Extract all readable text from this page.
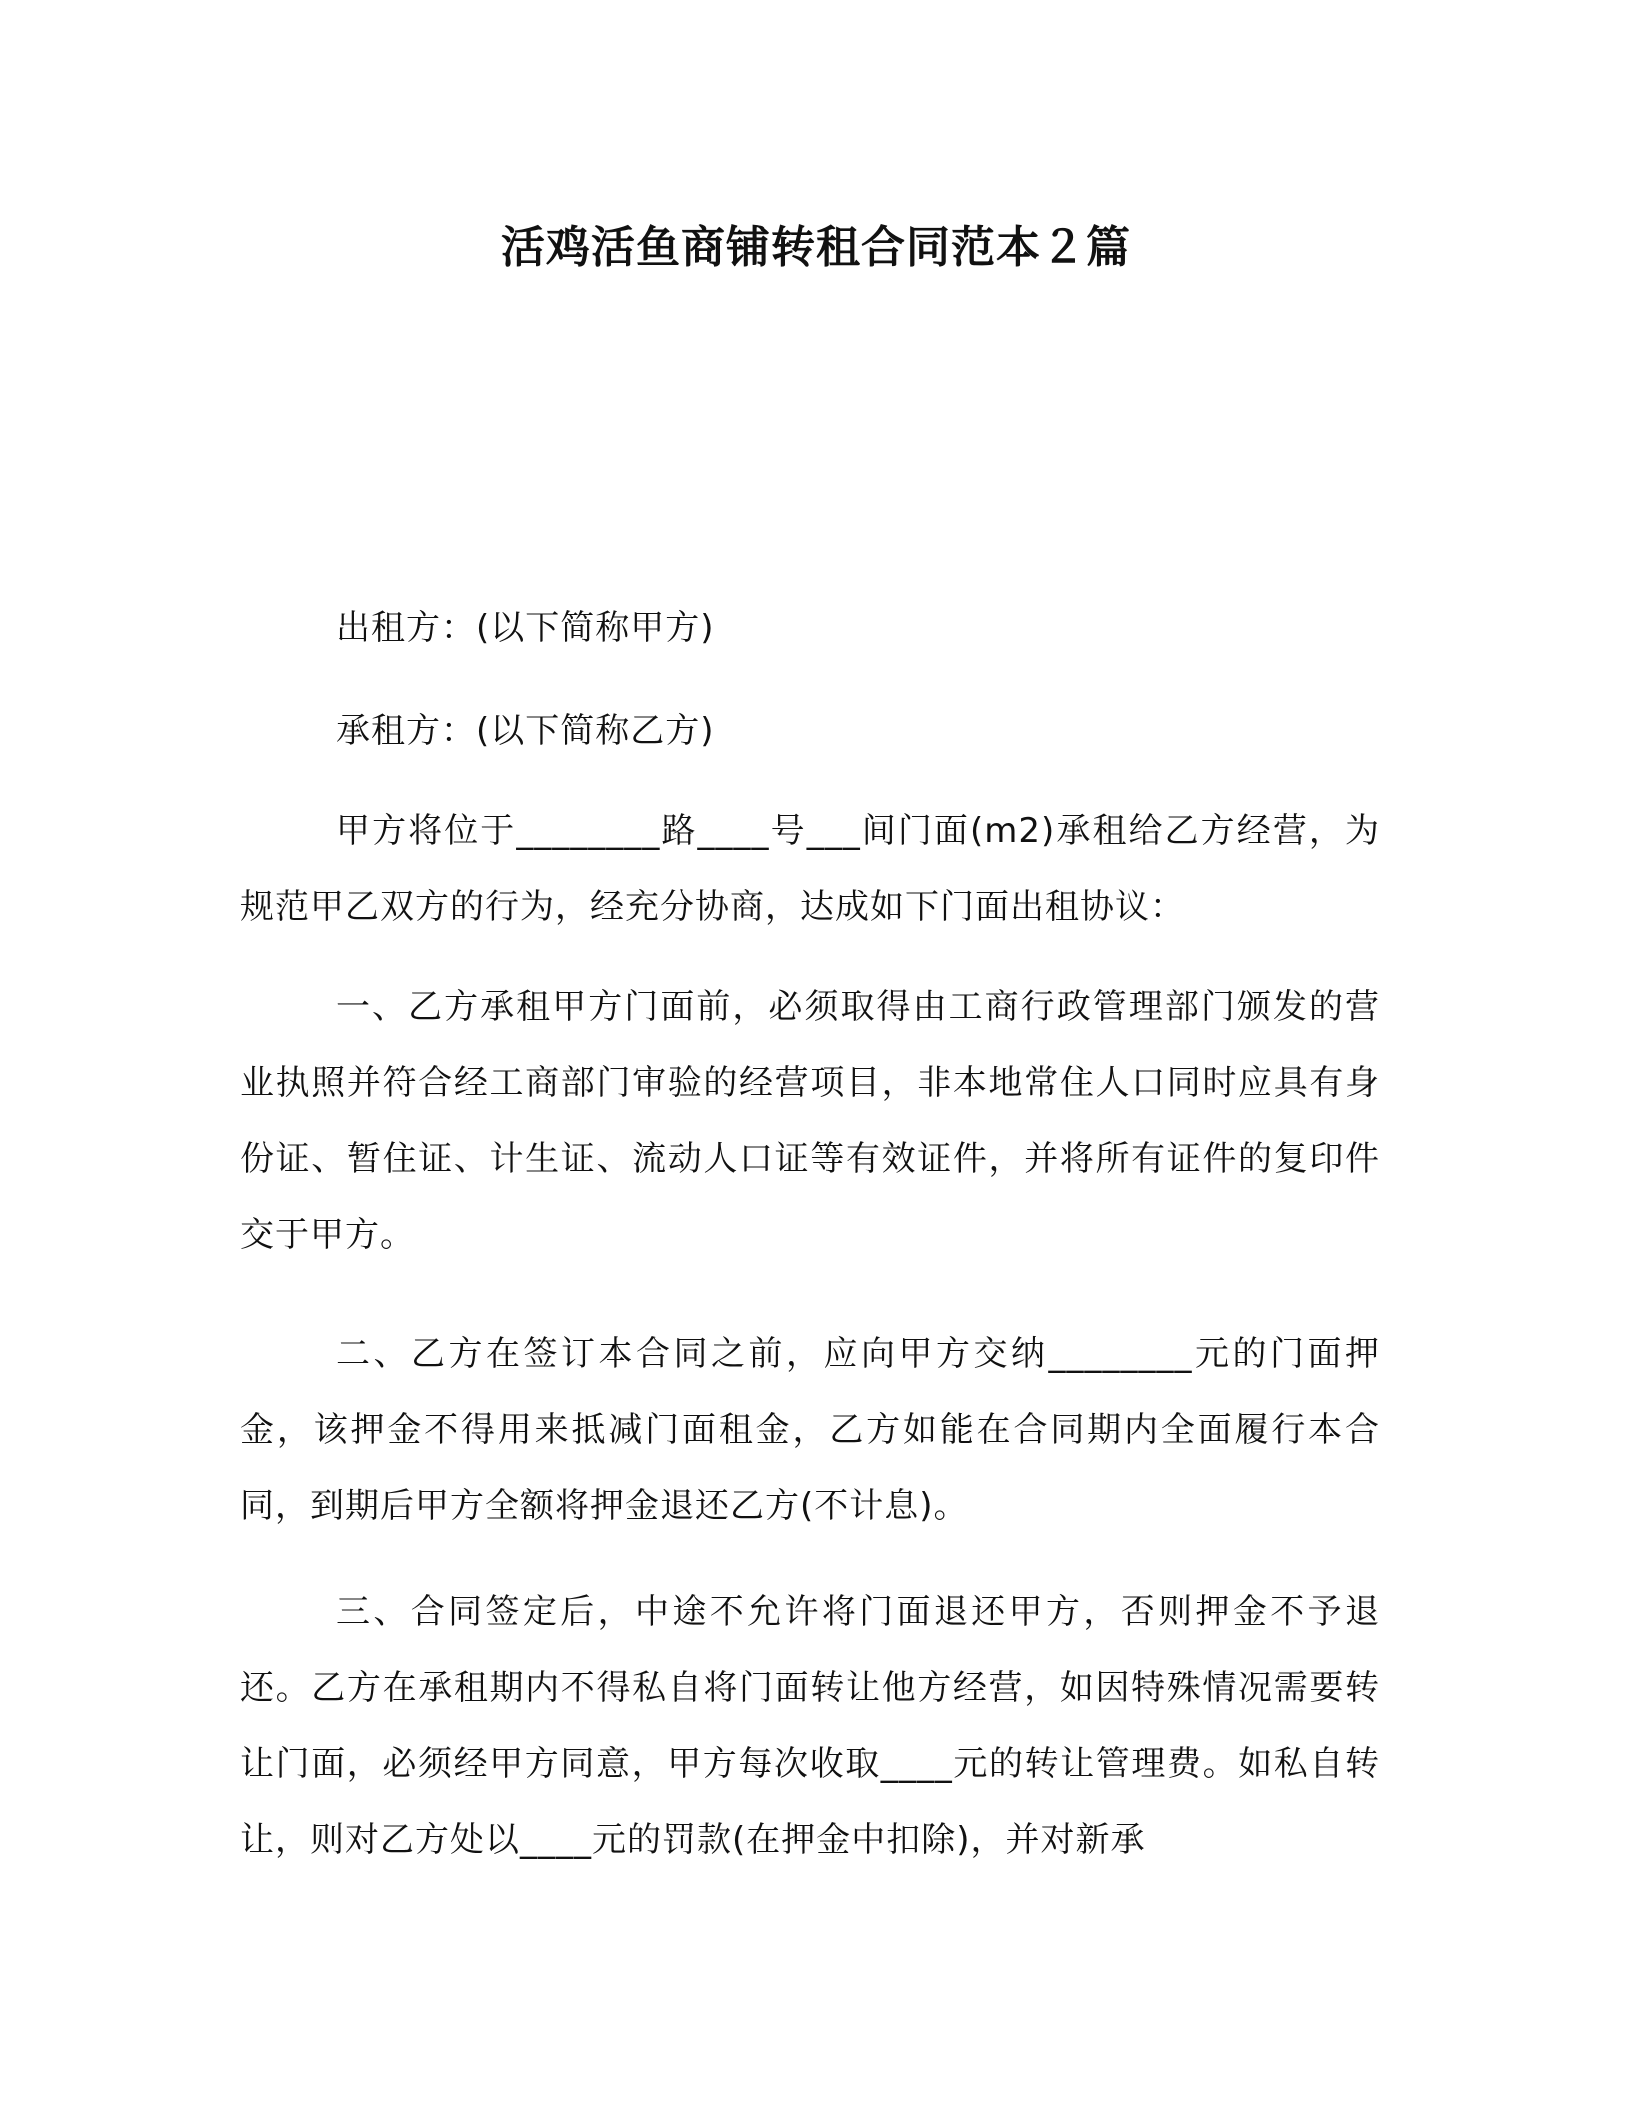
活鸡活鱼商铺转租合同范本２篇

出租方：(以下简称甲方)

承租方：(以下简称乙方)

甲方将位于________路____号___间门面(m2)承租给乙方经营，为规范甲乙双方的行为，经充分协商，达成如下门面出租协议：

一、乙方承租甲方门面前，必须取得由工商行政管理部门颁发的营业执照并符合经工商部门审验的经营项目，非本地常住人口同时应具有身份证、暂住证、计生证、流动人口证等有效证件，并将所有证件的复印件交于甲方。

二、乙方在签订本合同之前，应向甲方交纳________元的门面押金，该押金不得用来抵减门面租金，乙方如能在合同期内全面履行本合同，到期后甲方全额将押金退还乙方(不计息)。

三、合同签定后，中途不允许将门面退还甲方，否则押金不予退还。乙方在承租期内不得私自将门面转让他方经营，如因特殊情况需要转让门面，必须经甲方同意，甲方每次收取____元的转让管理费。如私自转让，则对乙方处以____元的罚款(在押金中扣除)，并对新承
